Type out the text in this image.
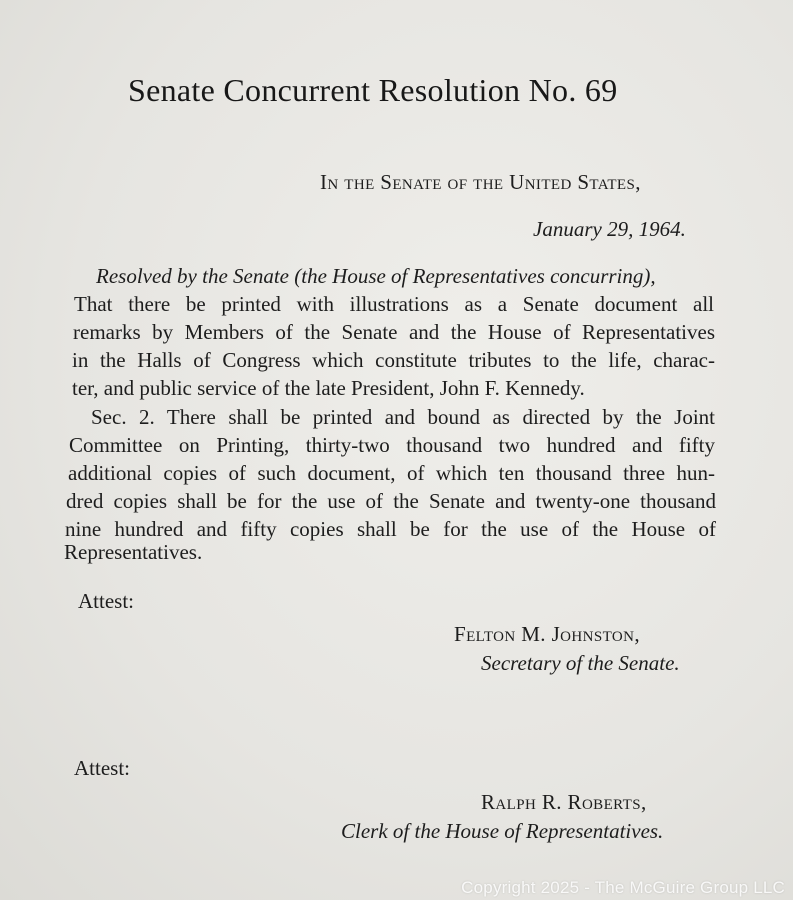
Senate Concurrent Resolution No. 69
In the Senate of the United States,
January 29, 1964.
Resolved by the Senate (the House of Representatives concurring),
That there be printed with illustrations as a Senate document all
remarks by Members of the Senate and the House of Representatives
in the Halls of Congress which constitute tributes to the life, charac-
ter, and public service of the late President, John F. Kennedy.
Sec. 2. There shall be printed and bound as directed by the Joint
Committee on Printing, thirty-two thousand two hundred and fifty
additional copies of such document, of which ten thousand three hun-
dred copies shall be for the use of the Senate and twenty-one thousand
nine hundred and fifty copies shall be for the use of the House of
Representatives.
Attest:
Felton M. Johnston,
Secretary of the Senate.
Attest:
Ralph R. Roberts,
Clerk of the House of Representatives.
Copyright 2025 - The McGuire Group LLC
